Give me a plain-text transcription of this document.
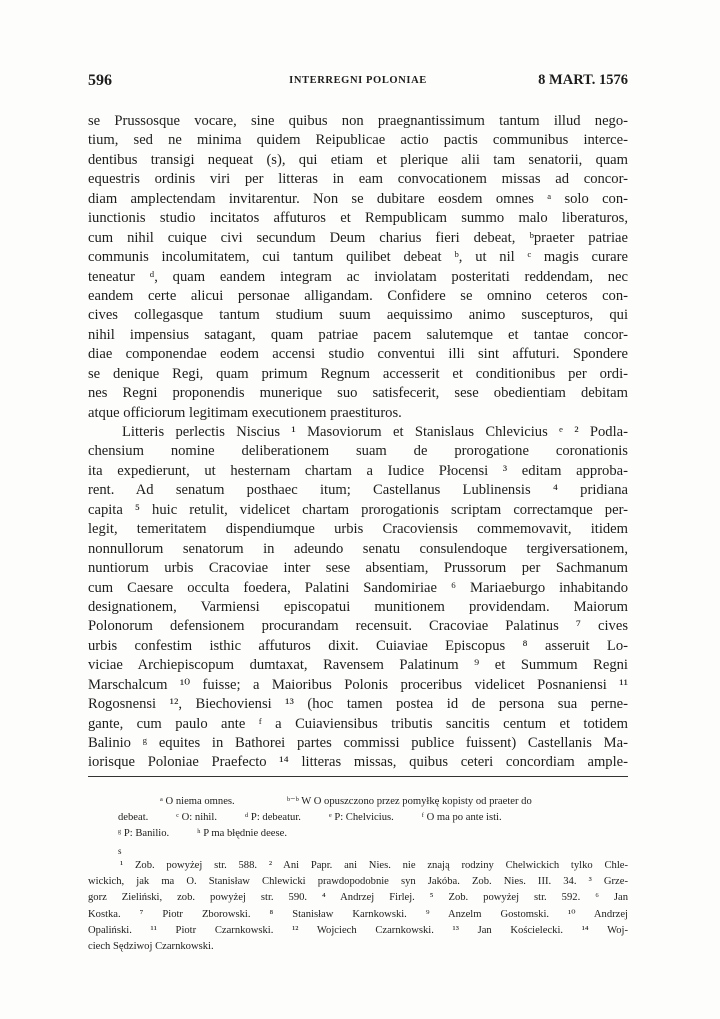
596	INTERREGNI POLONIAE	8 MART. 1576
se Prussosque vocare, sine quibus non praegnantissimum tantum illud nego-
tium, sed ne minima quidem Reipublicae actio pactis communibus interce-
dentibus transigi nequeat (s), qui etiam et plerique alii tam senatorii, quam
equestris ordinis viri per litteras in eam convocationem missas ad concor-
diam amplectendam invitarentur. Non se dubitare eosdem omnes ᵃ solo con-
iunctionis studio incitatos affuturos et Rempublicam summo malo liberaturos,
cum nihil cuique civi secundum Deum charius fieri debeat, ᵇpraeter patriae
communis incolumitatem, cui tantum quilibet debeat ᵇ, ut nil ᶜ magis curare
teneatur ᵈ, quam eandem integram ac inviolatam posteritati reddendam, nec
eandem certe alicui personae alligandam. Confidere se omnino ceteros con-
cives collegasque tantum studium suum aequissimo animo suscepturos, qui
nihil impensius satagant, quam patriae pacem salutemque et tantae concor-
diae componendae eodem accensi studio conventui illi sint affuturi. Spondere
se denique Regi, quam primum Regnum accesserit et conditionibus per ordi-
nes Regni proponendis munerique suo satisfecerit, sese obedientiam debitam
atque officiorum legitimam executionem praestituros.
Litteris perlectis Niscius ¹ Masoviorum et Stanislaus Chlevicius ᵉ ² Podla-
chensium nomine deliberationem suam de prorogatione coronationis
ita expedierunt, ut hesternam chartam a Iudice Płocensi ³ editam approba-
rent. Ad senatum posthaec itum; Castellanus Lublinensis ⁴ pridiana
capita ⁵ huic retulit, videlicet chartam prorogationis scriptam correctamque per-
legit, temeritatem dispendiumque urbis Cracoviensis commemovavit, itidem
nonnullorum senatorum in adeundo senatu consulendoque tergiversationem,
nuntiorum urbis Cracoviae inter sese absentiam, Prussorum per Sachmanum
cum Caesare occulta foedera, Palatini Sandomiriae ⁶ Mariaeburgo inhabitando
designationem, Varmiensi episcopatui munitionem providendam. Maiorum
Polonorum defensionem procurandam recensuit. Cracoviae Palatinus ⁷ cives
urbis confestim isthic affuturos dixit. Cuiaviae Episcopus ⁸ asseruit Lo-
viciae Archiepiscopum dumtaxat, Ravensem Palatinum ⁹ et Summum Regni
Marschalcum ¹⁰ fuisse; a Maioribus Polonis proceribus videlicet Posnaniensi ¹¹
Rogosnensi ¹², Biechoviensi ¹³ (hoc tamen postea id de persona sua perne-
gante, cum paulo ante ᶠ a Cuiaviensibus tributis sancitis centum et totidem
Balinio ᵍ equites in Bathorei partes commissi publice fuissent) Castellanis Ma-
iorisque Poloniae Praefecto ¹⁴ litteras missas, quibus ceteri concordiam ample-
ᵃ O niema omnes.	ᵇ⁻ᵇ W O opuszczono przez pomyłkę kopisty od praeter do
debeat.	ᶜ O: nihil.	ᵈ P: debeatur.	ᵉ P: Chelvicius.	ᶠ O ma po ante isti.
ᵍ P: Banilio.	ʰ P ma błędnie deese.
s
¹ Zob. powyżej str. 588. ² Ani Papr. ani Nies. nie znają rodziny Chelwickich tylko Chle-
wickich, jak ma O. Stanisław Chlewicki prawdopodobnie syn Jakóba. Zob. Nies. III. 34. ³ Grze-
gorz Zieliński, zob. powyżej str. 590. ⁴ Andrzej Firlej. ⁵ Zob. powyżej str. 592. ⁶ Jan
Kostka. ⁷ Piotr Zborowski. ⁸ Stanisław Karnkowski. ⁹ Anzelm Gostomski. ¹⁰ Andrzej
Opaliński. ¹¹ Piotr Czarnkowski. ¹² Wojciech Czarnkowski. ¹³ Jan Kościelecki. ¹⁴ Woj-
ciech Sędziwoj Czarnkowski.
